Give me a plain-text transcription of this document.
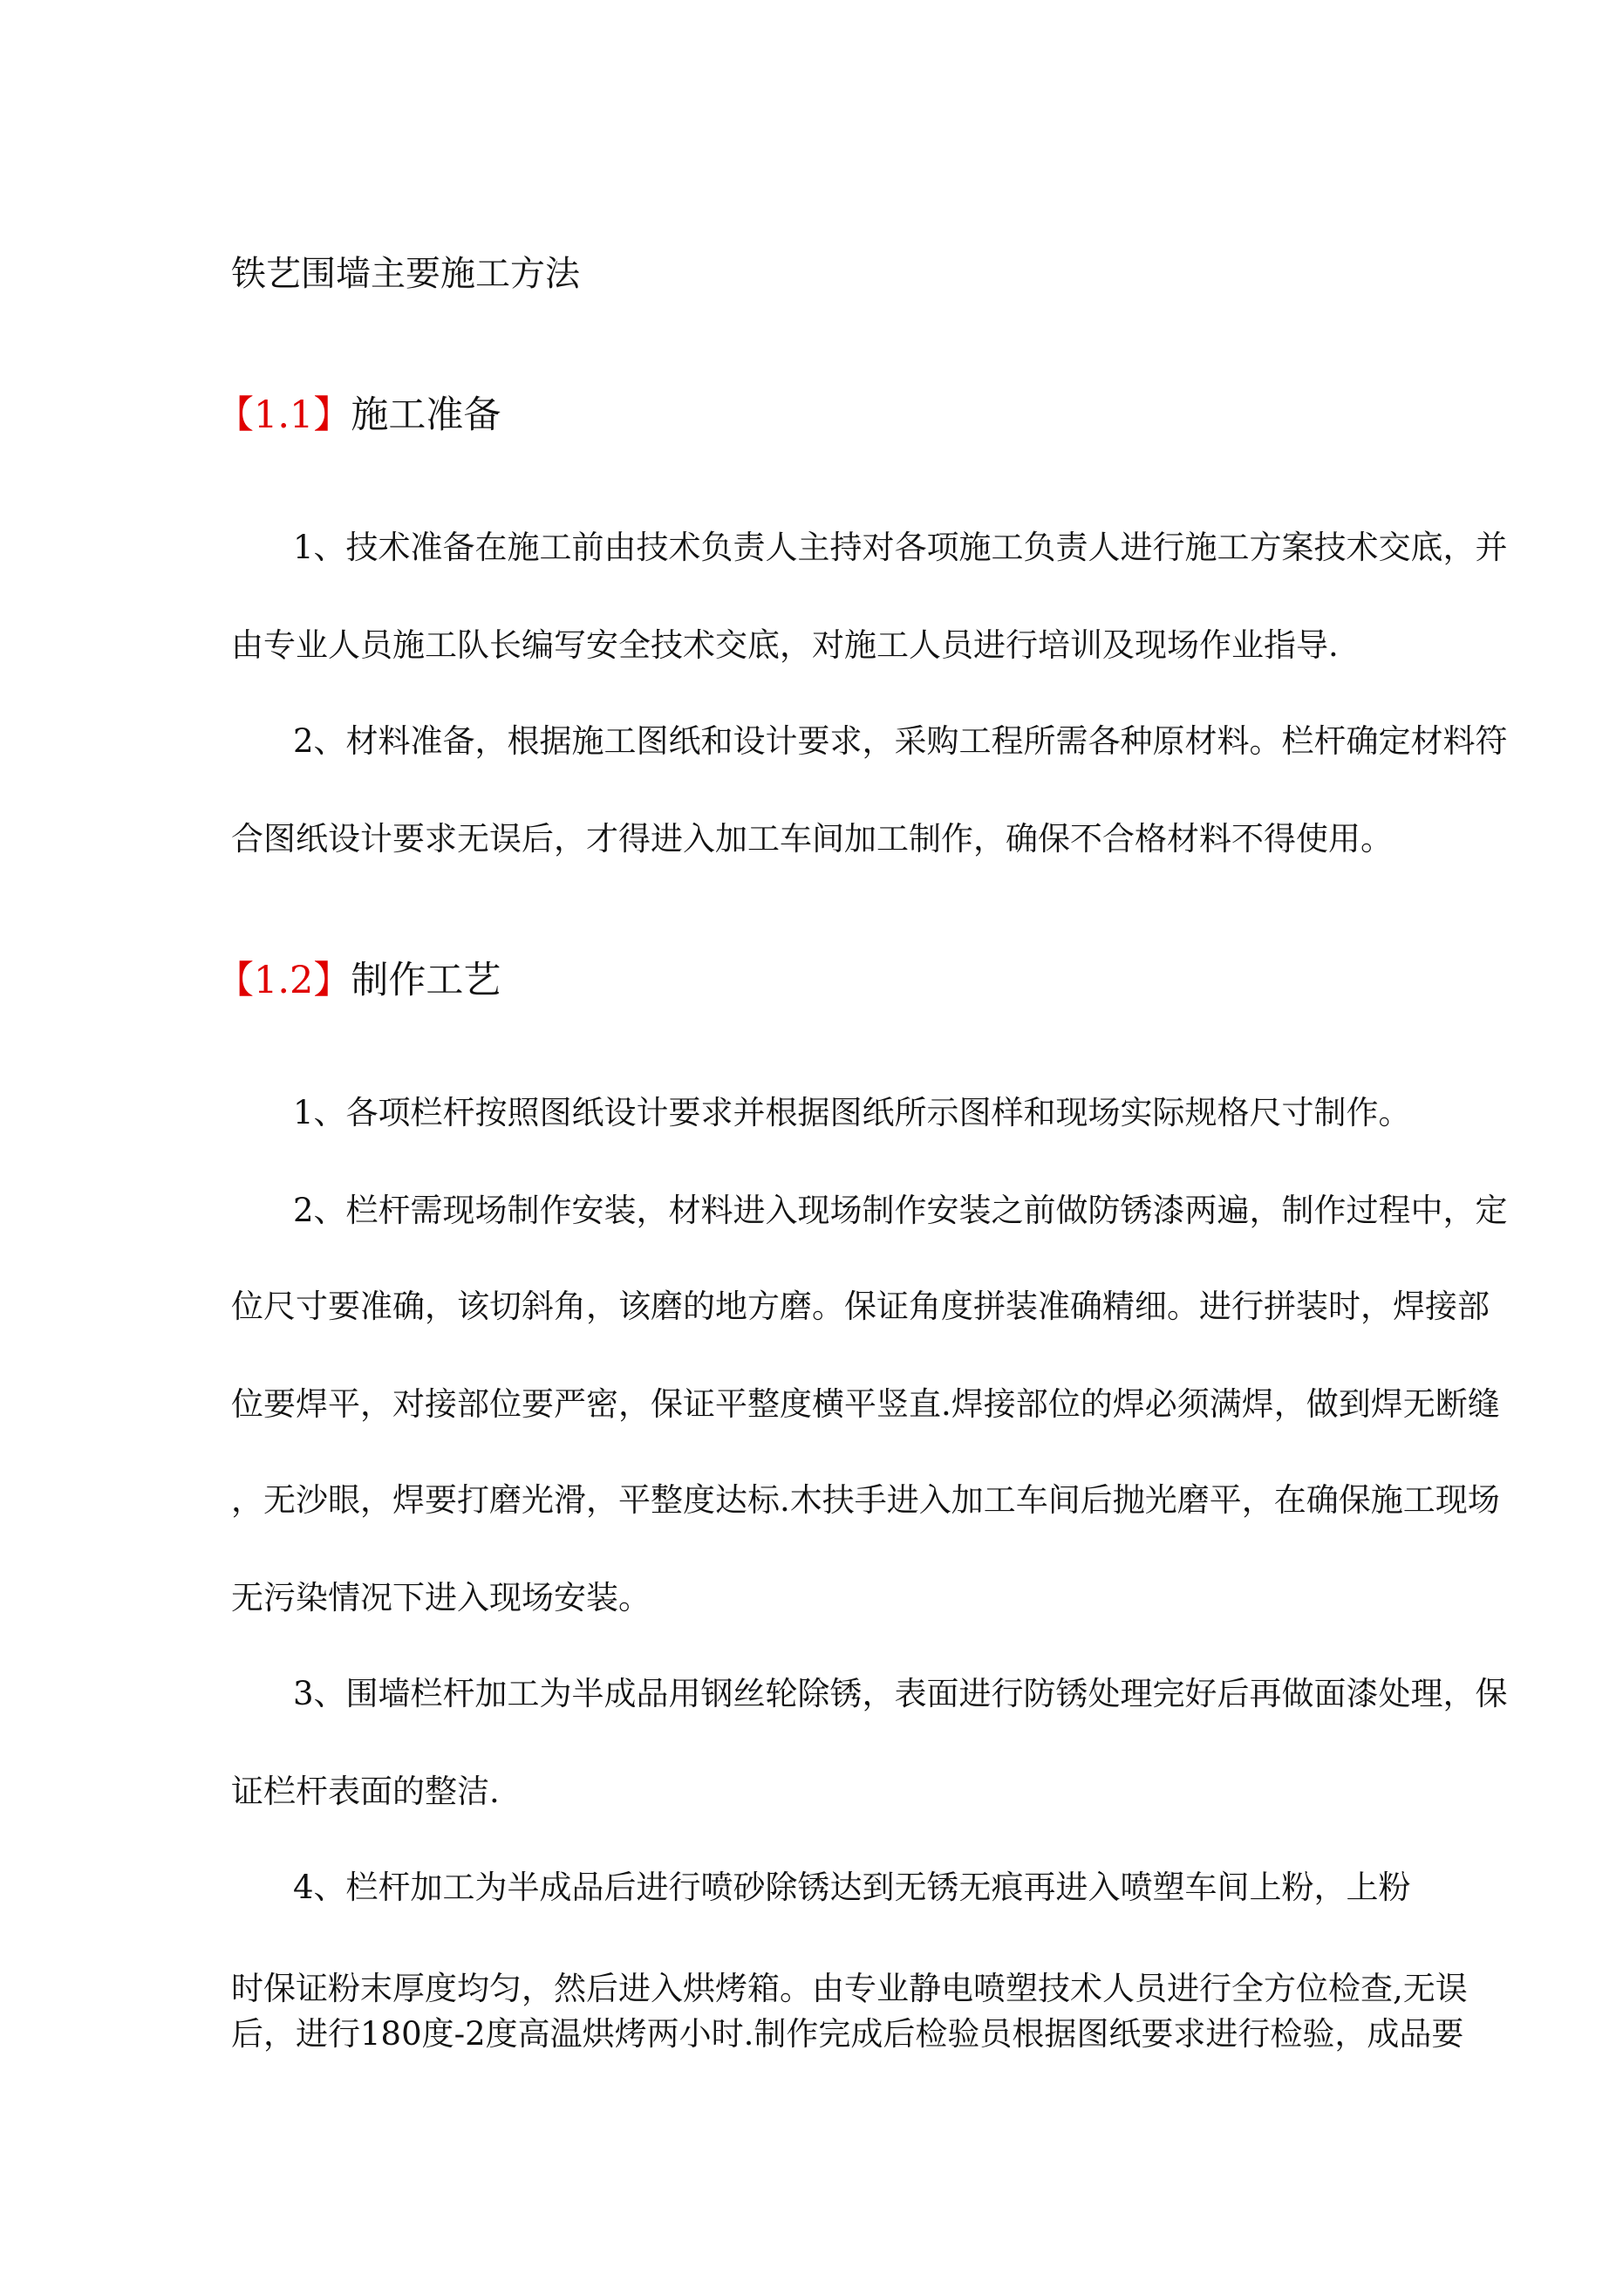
铁艺围墙主要施工方法
【1.1】施工准备
1、技术准备在施工前由技术负责人主持对各项施工负责人进行施工方案技术交底，并
由专业人员施工队长编写安全技术交底，对施工人员进行培训及现场作业指导.
2、材料准备，根据施工图纸和设计要求，采购工程所需各种原材料。栏杆确定材料符
合图纸设计要求无误后，才得进入加工车间加工制作，确保不合格材料不得使用。
【1.2】制作工艺
1、各项栏杆按照图纸设计要求并根据图纸所示图样和现场实际规格尺寸制作。
2、栏杆需现场制作安装，材料进入现场制作安装之前做防锈漆两遍，制作过程中，定
位尺寸要准确，该切斜角，该磨的地方磨。保证角度拼装准确精细。进行拼装时，焊接部
位要焊平，对接部位要严密，保证平整度横平竖直.焊接部位的焊必须满焊，做到焊无断缝
，无沙眼，焊要打磨光滑，平整度达标.木扶手进入加工车间后抛光磨平，在确保施工现场
无污染情况下进入现场安装。
3、围墙栏杆加工为半成品用钢丝轮除锈，表面进行防锈处理完好后再做面漆处理，保
证栏杆表面的整洁.
4、栏杆加工为半成品后进行喷砂除锈达到无锈无痕再进入喷塑车间上粉，上粉
时保证粉末厚度均匀，然后进入烘烤箱。由专业静电喷塑技术人员进行全方位检查,无误
后，进行180度-2度高温烘烤两小时.制作完成后检验员根据图纸要求进行检验，成品要
